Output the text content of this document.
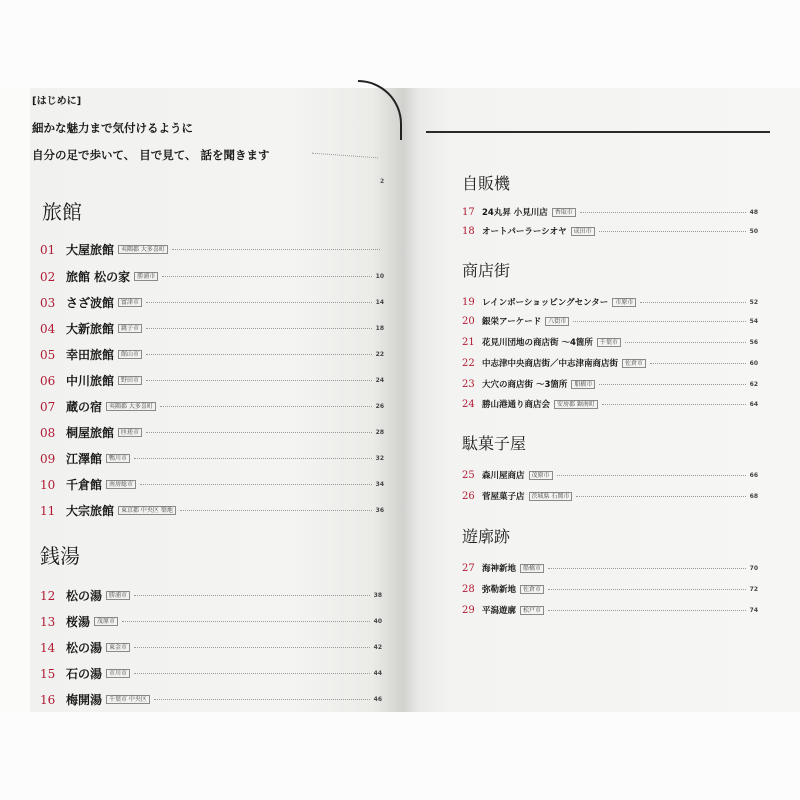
[はじめに]
細かな魅力まで気付けるように
自分の足で歩いて、 目で見て、 話を聞きます
2
旅館
銭湯
自販機
商店街
駄菓子屋
遊廓跡
01 大屋旅館	夷隅郡 大多喜町
02 旅館 松の家	勝浦市	10
03 さざ波館	富津市	14
04 大新旅館	銚子市	18
05 幸田旅館	館山市	22
06 中川旅館	野田市	24
07 蔵の宿	夷隅郡 大多喜町	26
08 桐屋旅館	匝瑳市	28
09 江澤館	鴨川市	32
10 千倉館	南房総市	34
11 大宗旅館	東京都 中央区 築地	36
12 松の湯	勝浦市	38
13 桜湯	茂原市	40
14 松の湯	東金市	42
15 石の湯	市川市	44
16 梅開湯	千葉市 中央区	46
17 24丸昇 小見川店	香取市	48
18 オートパーラーシオヤ	成田市	50
19 レインボーショッピングセンター	市原市	52
20 銀栄アーケード	八街市	54
21 花見川団地の商店街 〜4箇所	千葉市	56
22 中志津中央商店街／中志津南商店街	佐倉市	60
23 大穴の商店街 〜3箇所	船橋市	62
24 勝山港通り商店会	安房郡 鋸南町	64
25 森川屋商店	茂原市	66
26 菅屋菓子店	茨城県 石岡市	68
27 海神新地	船橋市	70
28 弥勒新地	佐倉市	72
29 平潟遊廓	松戸市	74
